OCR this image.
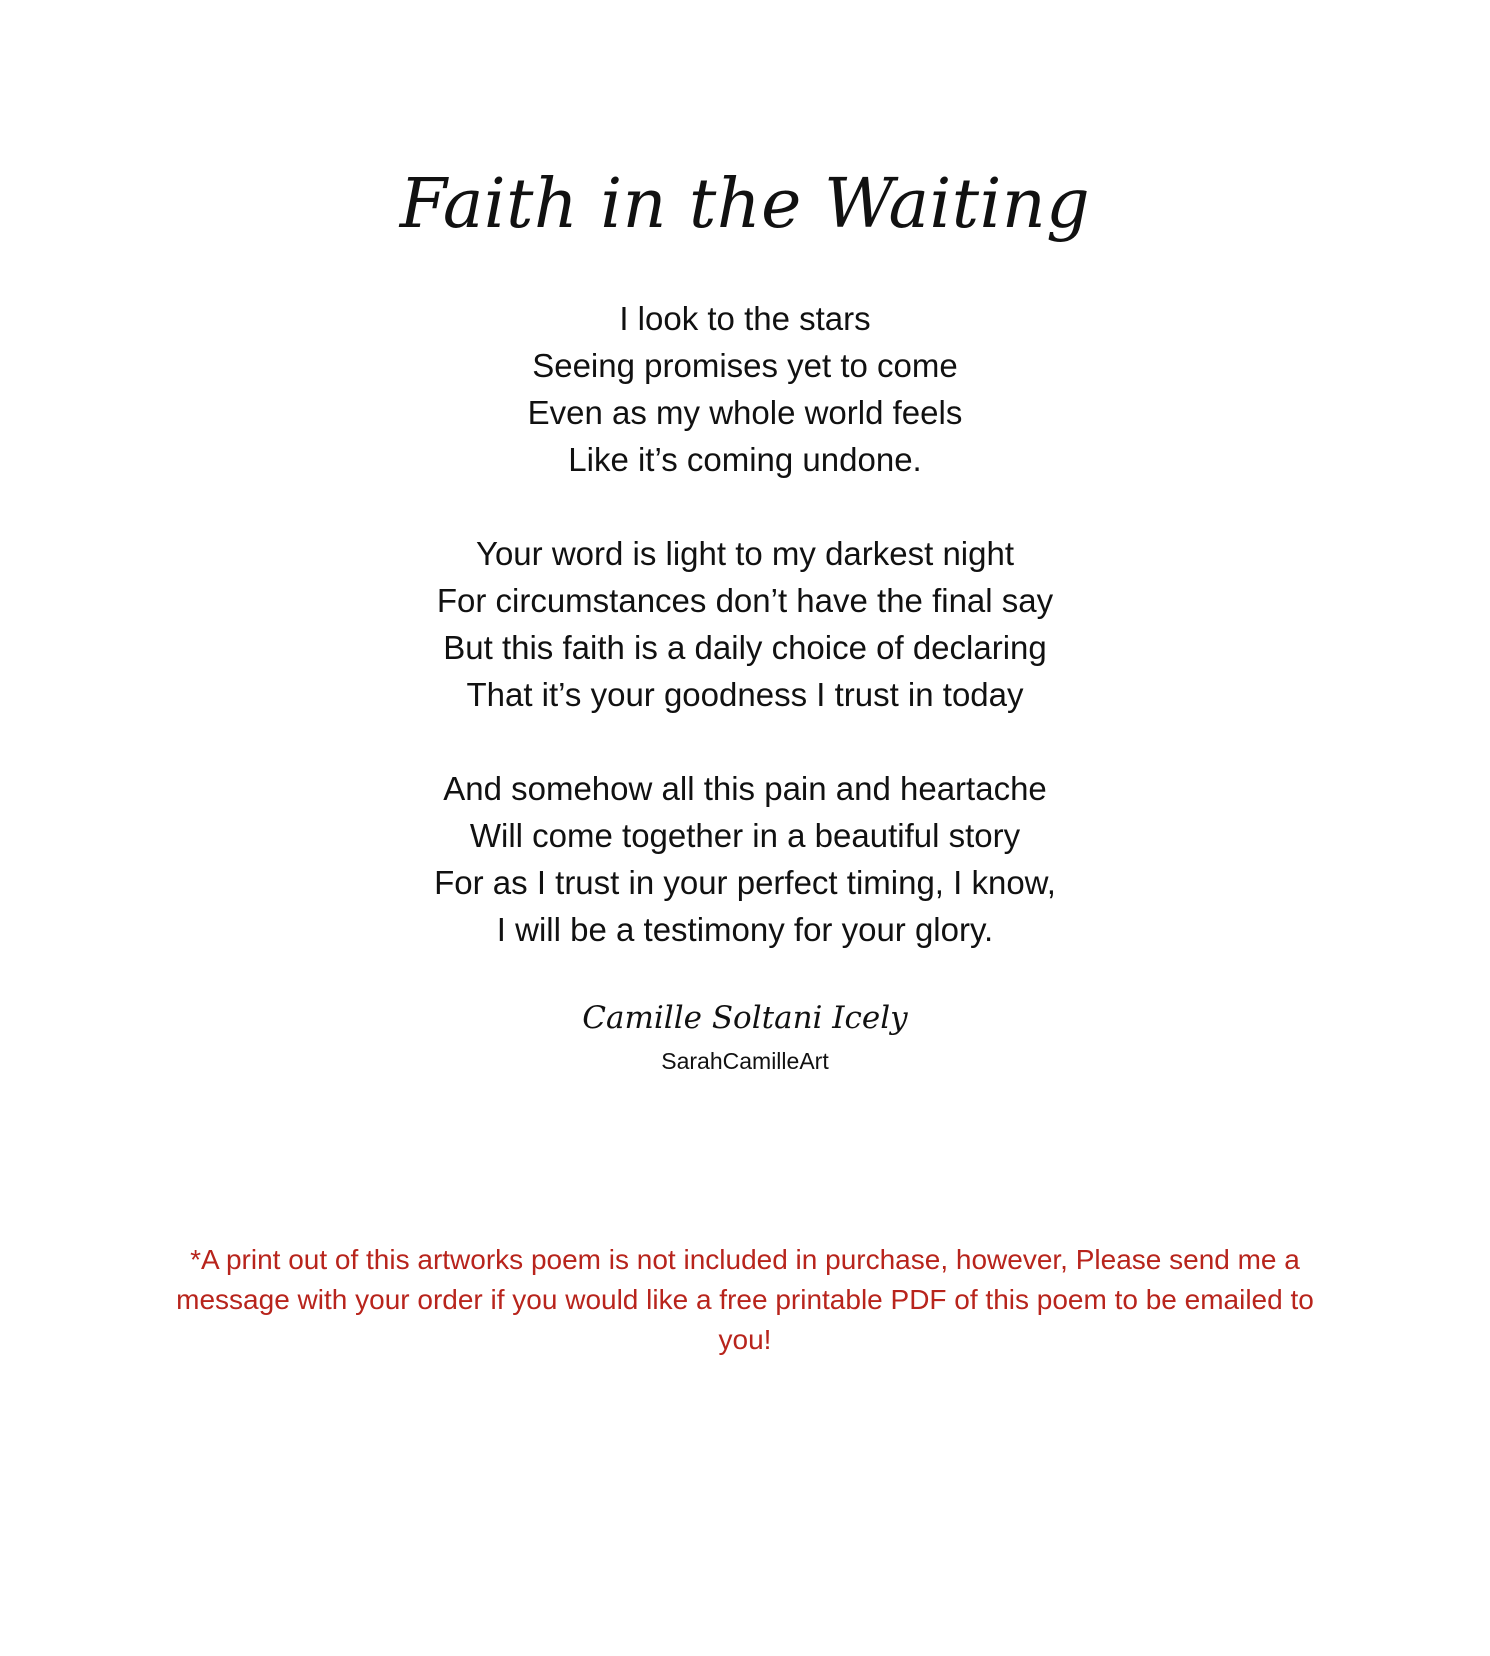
Faith in the Waiting
I look to the stars
Seeing promises yet to come
Even as my whole world feels
Like it’s coming undone.
Your word is light to my darkest night
For circumstances don’t have the final say
But this faith is a daily choice of declaring
That it’s your goodness I trust in today
And somehow all this pain and heartache
Will come together in a beautiful story
For as I trust in your perfect timing, I know,
I will be a testimony for your glory.
Camille Soltani Icely
SarahCamilleArt
*A print out of this artworks poem is not included in purchase, however, Please send me a message with your order if you would like a free printable PDF of this poem to be emailed to you!
